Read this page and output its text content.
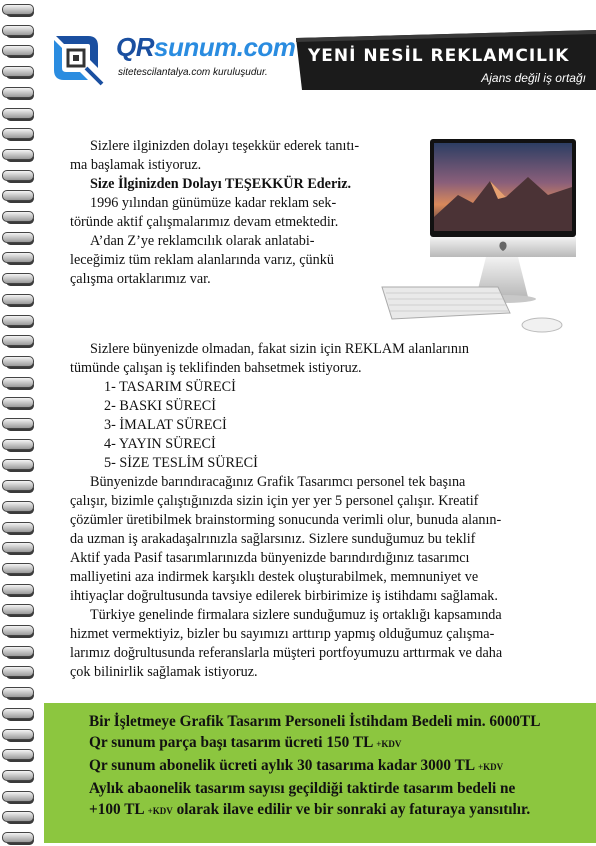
QRsunum.com
sitetescilantalya.com kuruluşudur.
YENİ NESİL REKLAMCILIK
Ajans değil iş ortağı

Sizlere ilginizden dolayı teşekkür ederek tanıtı-

ma başlamak istiyoruz.

Size İlginizden Dolayı TEŞEKKÜR Ederiz.

1996 yılından günümüze kadar reklam sek-

töründe aktif çalışmalarımız devam etmektedir.

A’dan Z’ye reklamcılık olarak anlatabi-

leceğimiz tüm reklam alanlarında varız, çünkü

çalışma ortaklarımız var.

Sizlere bünyenizde olmadan, fakat sizin için REKLAM alanlarının

tümünde çalışan iş teklifinden bahsetmek istiyoruz.

1- TASARIM SÜRECİ
2- BASKI SÜRECİ
3- İMALAT SÜRECİ
4- YAYIN SÜRECİ
5- SİZE TESLİM SÜRECİ

Bünyenizde barındıracağınız Grafik Tasarımcı personel tek başına

çalışır, bizimle çalıştığınızda sizin için yer yer 5 personel çalışır. Kreatif

çözümler üretibilmek brainstorming sonucunda verimli olur, bunuda alanın-

da uzman iş arakadaşalrınızla sağlarsınız. Sizlere sunduğumuz bu teklif

Aktif yada Pasif tasarımlarınızda bünyenizde barındırdığınız tasarımcı

malliyetini aza indirmek karşıklı destek oluşturabilmek, memnuniyet ve

ihtiyaçlar doğrultusunda tavsiye edilerek birbirimize iş istihdamı sağlamak.

Türkiye genelinde firmalara sizlere sunduğumuz iş ortaklığı kapsamında

hizmet vermektiyiz, bizler bu sayımızı arttırıp yapmış olduğumuz çalışma-

larımız doğrultusunda referanslarla müşteri portfoyumuzu arttırmak ve daha

çok bilinirlik sağlamak istiyoruz.

Bir İşletmeye Grafik Tasarım Personeli İstihdam Bedeli min. 6000TL

Qr sunum parça başı tasarım ücreti 150 TL +KDV

Qr sunum abonelik ücreti aylık 30 tasarıma kadar 3000 TL +KDV

Aylık abaonelik tasarım sayısı geçildiği taktirde tasarım bedeli ne

+100 TL +KDV olarak ilave edilir ve bir sonraki ay faturaya yansıtılır.
